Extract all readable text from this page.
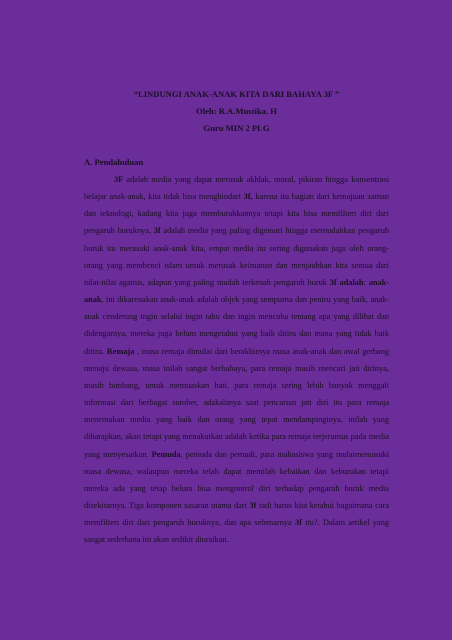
“LINDUNGI ANAK-ANAK KITA DARI BAHAYA 3F ”
Oleh: R.A.Mustika. H
Guru MIN 2 PLG
A. Pendahuluan

3F adalah media yang dapat merusak akhlak, moral, pikiran hingga konsentrasi belajar anak-anak, kita tidak bisa menghindari 3f, karena itu bagian dari kemajuan zaman dan teknologi, kadang kita juga membutuhkannya tetapi kita bisa memfilteri diri dari pengaruh buruknya, 3f adalah media yang paling digemari hingga memudahkan pengaruh buruk itu merasuki anak-anak kita, empat media itu sering digunakan juga oleh orang-orang yang membenci islam untuk merusak keimanan dan menjauhkan kita semua dari nilai-nilai agamis, adapun yang paling mudah terkenah pengaruh buruk 3f adalah: anak-anak, ini dikarenakan anak-anak adalah objek yang sempurna dan peniru yang baik, anak-anak cenderung ingin selalui ingin tahu dan ingin mencoba tentang apa yang dilihat dan didengarnya, mereka juga belum mengetahui yang baik ditiru dan mana yang tidak baik ditiru. Remaja , masa remaja dimulai dari berakhirnya masa anak-anak dan awal gerbang menuju dewasa, masa inilah sangat berbahaya, para remaja masih mencari jati dirinya, masih bimbang, untuk memuaskan hati, para remaja sering lebih banyak menggali informasi dari berbagai sumber, adakalanya saat pencarian jati diri itu para remaja menemukan media yang baik dan orang yang tepat mendampinginya, inilah yang diharapkan, akan tetapi yang menakutkan adalah ketika para remaja terjerumus pada media yang menyesatkan. Pemuda, pemuda dan pemudi, para mahasiswa yang mulaimemasuki masa dewasa, walaupun mereka telah dapat memilah kebaikan dan keburukan tetapi mereka ada yang tetap belum bisa mengontrol diri terhadap pengaruh buruk media disekitarnya. Tiga komponen sasaran utama dari 3f tadi harus kita ketahui bagaimana cara memfilteri diri dari pengaruh buruknya, dan apa sebenarnya 3f itu?. Dalam artikel yang sangat sederhana ini akan sedikit diuraikan.
